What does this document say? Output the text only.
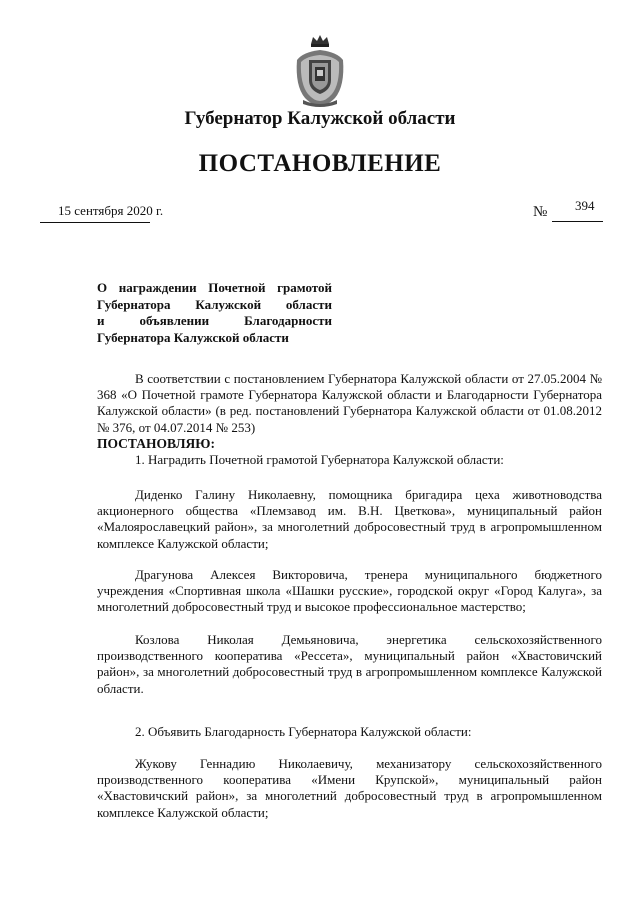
Губернатор Калужской области
ПОСТАНОВЛЕНИЕ
15 сентября 2020 г.	№ 394
О награждении Почетной грамотой
Губернатора Калужской области
и объявлении Благодарности
Губернатора Калужской области

В соответствии с постановлением Губернатора Калужской области от 27.05.2004 № 368 «О Почетной грамоте Губернатора Калужской области и Благодарности Губернатора Калужской области» (в ред. постановлений Губернатора Калужской области от 01.08.2012 № 376, от 04.07.2014 № 253)

ПОСТАНОВЛЯЮ:

1. Наградить Почетной грамотой Губернатора Калужской области:

Диденко Галину Николаевну, помощника бригадира цеха животноводства акционерного общества «Племзавод им. В.Н. Цветкова», муниципальный район «Малоярославецкий район», за многолетний добросовестный труд в агропромышленном комплексе Калужской области;

Драгунова Алексея Викторовича, тренера муниципального бюджетного учреждения «Спортивная школа «Шашки русские», городской округ «Город Калуга», за многолетний добросовестный труд и высокое профессиональное мастерство;

Козлова Николая Демьяновича, энергетика сельскохозяйственного производственного кооператива «Рессета», муниципальный район «Хвастовичский район», за многолетний добросовестный труд в агропромышленном комплексе Калужской области.

2. Объявить Благодарность Губернатора Калужской области:

Жукову Геннадию Николаевичу, механизатору сельскохозяйственного производственного кооператива «Имени Крупской», муниципальный район «Хвастовичский район», за многолетний добросовестный труд в агропромышленном комплексе Калужской области;
